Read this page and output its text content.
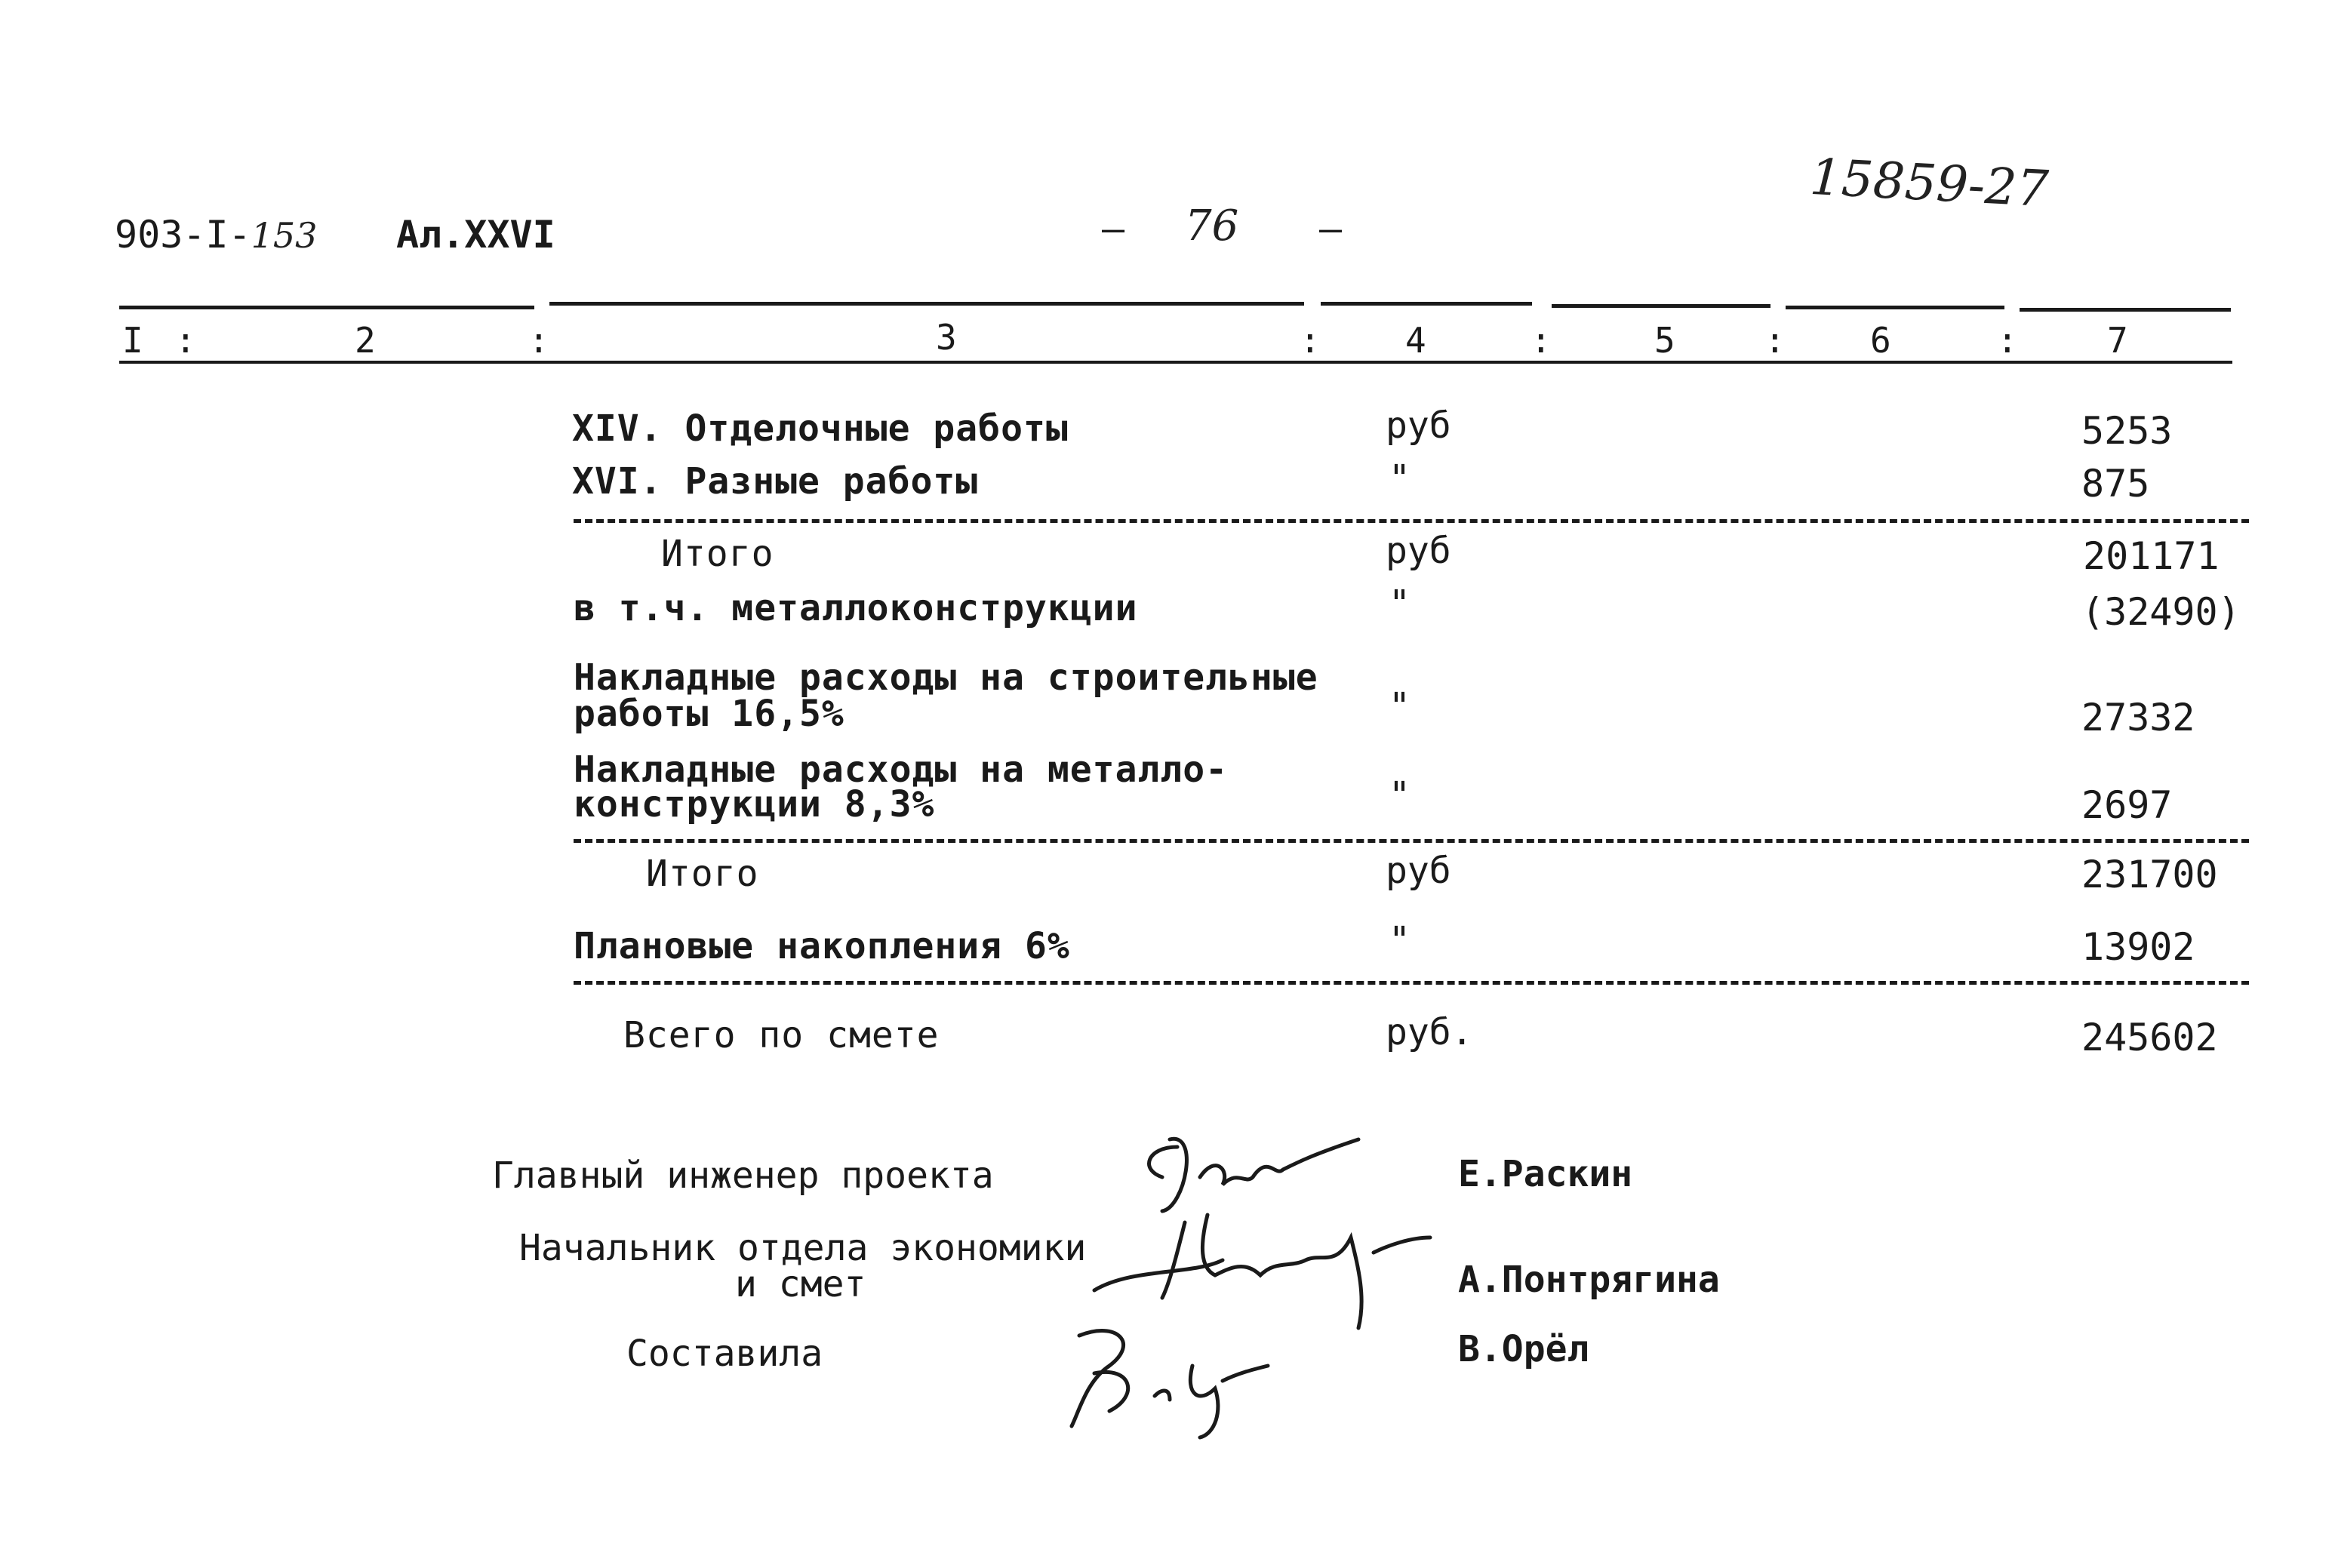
903-I-153 Ал.XXVI	– 76 –
15859-27
I :	2	:	3	: 4	:	5	: 6	:	7
XIV. Отделочные работы	руб	5253
XVI. Разные работы	"	875
Итого	руб	201171
в т.ч. металлоконструкции	"	(32490)
Накладные расходы на строительные
работы 16,5%	"	27332
Накладные расходы на металло-
конструкции 8,3%	"	2697
Итого	руб	231700
Плановые накопления 6%	"	13902
Всего по смете	руб.	245602
Главный инженер проекта	Е.Раскин
Начальник отдела экономики
и смет	А.Понтрягина
Составила	В.Орёл
